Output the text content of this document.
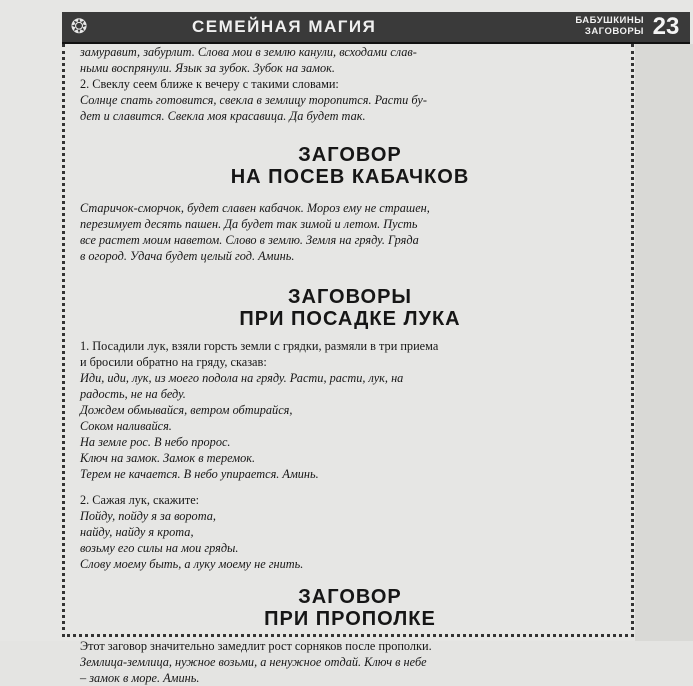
❂	СЕМЕЙНАЯ МАГИЯ	БАБУШКИНЫ
ЗАГОВОРЫ 23

замуравит, забурлит. Слова мои в землю канули, всходами слав-
ными воспрянули. Язык за зубок. Зубок на замок.

2. Свеклу сеем ближе к вечеру с такими словами:

Солнце спать готовится, свекла в землицу торопится. Расти бу-
дет и славится. Свекла моя красавица. Да будет так.

ЗАГОВОР

НА ПОСЕВ КАБАЧКОВ

Старичок-сморчок, будет славен кабачок. Мороз ему не страшен,
перезимует десять пашен. Да будет так зимой и летом. Пусть
все растет моим наветом. Слово в землю. Земля на гряду. Гряда
в огород. Удача будет целый год. Аминь.

ЗАГОВОРЫ

ПРИ ПОСАДКЕ ЛУКА

1. Посадили лук, взяли горсть земли с грядки, размяли в три приема
и бросили обратно на гряду, сказав:

Иди, иди, лук, из моего подола на гряду. Расти, расти, лук, на
радость, не на беду.
Дождем обмывайся, ветром обтирайся,
Соком наливайся.
На земле рос. В небо пророс.
Ключ на замок. Замок в теремок.
Терем не качается. В небо упирается. Аминь.

2. Сажая лук, скажите:

Пойду, пойду я за ворота,
найду, найду я крота,
возьму его силы на мои гряды.
Слову моему быть, а луку моему не гнить.

ЗАГОВОР

ПРИ ПРОПОЛКЕ

Этот заговор значительно замедлит рост сорняков после прополки.

Землица-землица, нужное возьми, а ненужное отдай. Ключ в небе
– замок в море. Аминь.
